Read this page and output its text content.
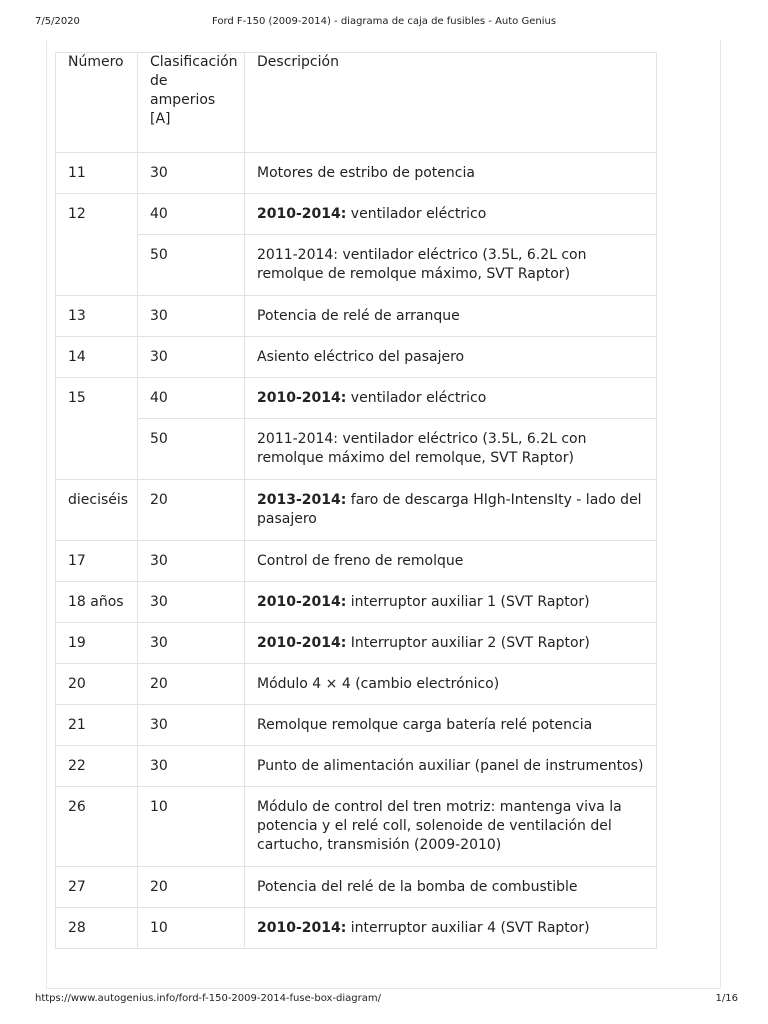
7/5/2020	Ford F-150 (2009-2014) - diagrama de caja de fusibles - Auto Genius
Número	Clasificación de amperios [A]	Descripción
11	30	Motores de estribo de potencia
12	40	2010-2014: ventilador eléctrico
	50	2011-2014: ventilador eléctrico (3.5L, 6.2L con remolque de remolque máximo, SVT Raptor)
13	30	Potencia de relé de arranque
14	30	Asiento eléctrico del pasajero
15	40	2010-2014: ventilador eléctrico
	50	2011-2014: ventilador eléctrico (3.5L, 6.2L con remolque máximo del remolque, SVT Raptor)
dieciséis	20	2013-2014: faro de descarga HIgh-IntensIty - lado del pasajero
17	30	Control de freno de remolque
18 años	30	2010-2014: interruptor auxiliar 1 (SVT Raptor)
19	30	2010-2014: Interruptor auxiliar 2 (SVT Raptor)
20	20	Módulo 4 × 4 (cambio electrónico)
21	30	Remolque remolque carga batería relé potencia
22	30	Punto de alimentación auxiliar (panel de instrumentos)
26	10	Módulo de control del tren motriz: mantenga viva la potencia y el relé coll, solenoide de ventilación del cartucho, transmisión (2009-2010)
27	20	Potencia del relé de la bomba de combustible
28	10	2010-2014: interruptor auxiliar 4 (SVT Raptor)
https://www.autogenius.info/ford-f-150-2009-2014-fuse-box-diagram/	1/16
